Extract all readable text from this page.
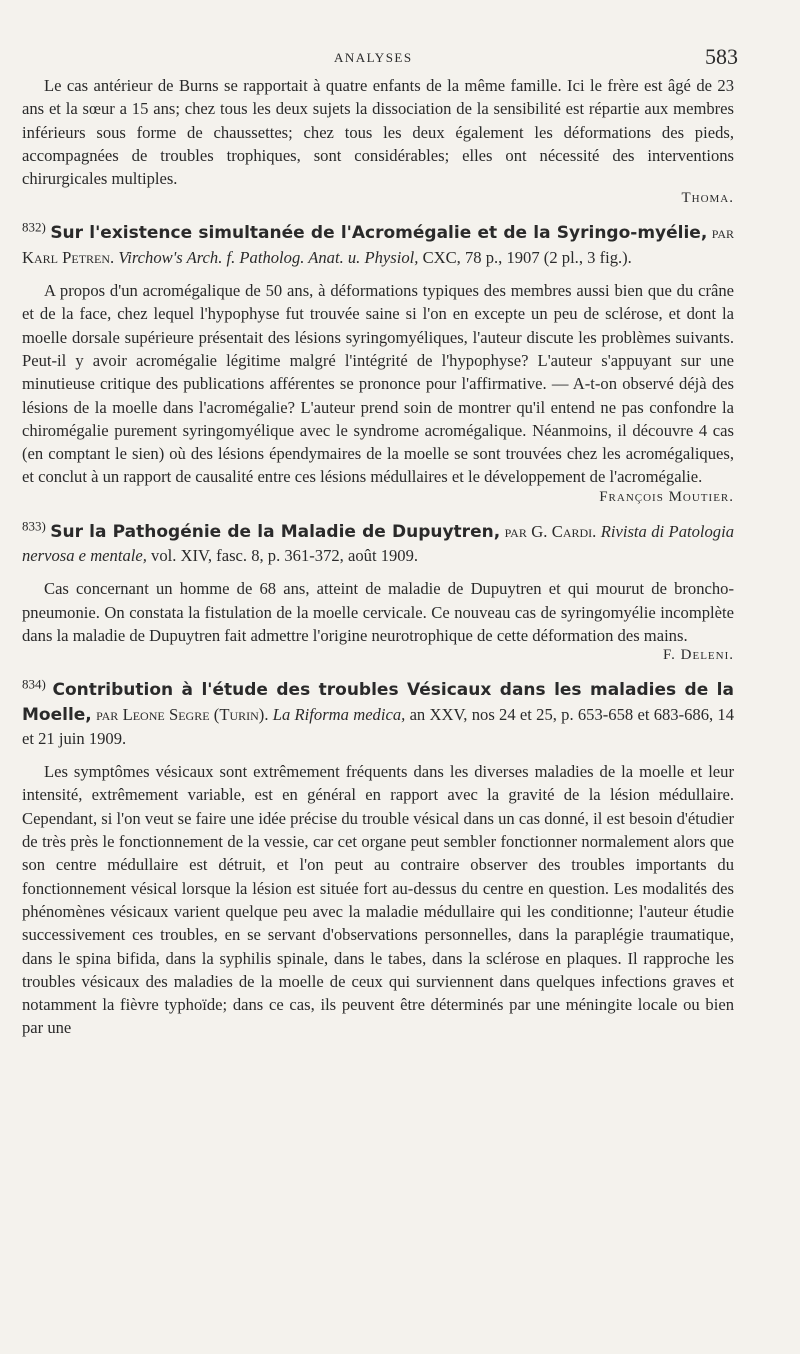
ANALYSES	583

Le cas antérieur de Burns se rapportait à quatre enfants de la même famille. Ici le frère est âgé de 23 ans et la sœur a 15 ans; chez tous les deux sujets la dissociation de la sensibilité est répartie aux membres inférieurs sous forme de chaussettes; chez tous les deux également les déformations des pieds, accompagnées de troubles trophiques, sont considérables; elles ont nécessité des interventions chirurgicales multiples.

Thoma.

$^{832)}$ Sur l'existence simultanée de l'Acromégalie et de la Syringo-myélie, par Karl Petren. Virchow's Arch. f. Patholog. Anat. u. Physiol, CXC, 78 p., 1907 (2 pl., 3 fig.).

A propos d'un acromégalique de 50 ans, à déformations typiques des membres aussi bien que du crâne et de la face, chez lequel l'hypophyse fut trouvée saine si l'on en excepte un peu de sclérose, et dont la moelle dorsale supérieure présentait des lésions syringomyéliques, l'auteur discute les problèmes suivants. Peut-il y avoir acromégalie légitime malgré l'intégrité de l'hypophyse? L'auteur s'appuyant sur une minutieuse critique des publications afférentes se prononce pour l'affirmative. — A-t-on observé déjà des lésions de la moelle dans l'acromégalie? L'auteur prend soin de montrer qu'il entend ne pas confondre la chiromégalie purement syringomyélique avec le syndrome acromégalique. Néanmoins, il découvre 4 cas (en comptant le sien) où des lésions épendymaires de la moelle se sont trouvées chez les acromégaliques, et conclut à un rapport de causalité entre ces lésions médullaires et le développement de l'acromégalie.

François Moutier.

$^{833)}$ Sur la Pathogénie de la Maladie de Dupuytren, par G. Cardi. Rivista di Patologia nervosa e mentale, vol. XIV, fasc. 8, p. 361-372, août 1909.

Cas concernant un homme de 68 ans, atteint de maladie de Dupuytren et qui mourut de broncho-pneumonie. On constata la fistulation de la moelle cervicale. Ce nouveau cas de syringomyélie incomplète dans la maladie de Dupuytren fait admettre l'origine neurotrophique de cette déformation des mains.

F. Deleni.

$^{834)}$ Contribution à l'étude des troubles Vésicaux dans les maladies de la Moelle, par Leone Segre (Turin). La Riforma medica, an XXV, nos 24 et 25, p. 653-658 et 683-686, 14 et 21 juin 1909.

Les symptômes vésicaux sont extrêmement fréquents dans les diverses maladies de la moelle et leur intensité, extrêmement variable, est en général en rapport avec la gravité de la lésion médullaire. Cependant, si l'on veut se faire une idée précise du trouble vésical dans un cas donné, il est besoin d'étudier de très près le fonctionnement de la vessie, car cet organe peut sembler fonctionner normalement alors que son centre médullaire est détruit, et l'on peut au contraire observer des troubles importants du fonctionnement vésical lorsque la lésion est située fort au-dessus du centre en question. Les modalités des phénomènes vésicaux varient quelque peu avec la maladie médullaire qui les conditionne; l'auteur étudie successivement ces troubles, en se servant d'observations personnelles, dans la paraplégie traumatique, dans le spina bifida, dans la syphilis spinale, dans le tabes, dans la sclérose en plaques. Il rapproche les troubles vésicaux des maladies de la moelle de ceux qui surviennent dans quelques infections graves et notamment la fièvre typhoïde; dans ce cas, ils peuvent être déterminés par une méningite locale ou bien par une
